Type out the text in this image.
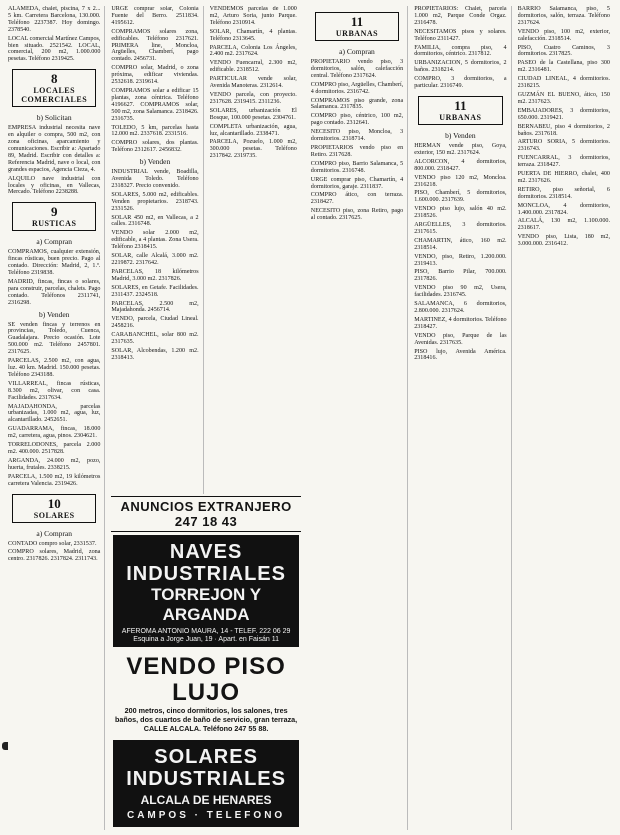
ALAMEDA, chalet, piscina, 7 x 2... 5 km. Carretera Barcelona, 130.000. Teléfono 2237387. Hoy domingo. 2378540.

LOCAL comercial Martínez Campos, bien situado. 2521542. LOCAL, comercial, 200 m2, 1.000.000 pesetas. Teléfono 2319425.

8
LOCALES COMERCIALES
b) Solicitan

EMPRESA industrial necesita nave en alquiler o compra, 500 m2, con zona oficinas, aparcamiento y comunicaciones. Escribir a: Apartado 89, Madrid. Escribir con detalles a: Referencia Madrid, nave o local, con grandes espacios, Agencia Cieza, 4.

ALQUILO nave industrial con locales y oficinas, en Vallecas, Mercado. Teléfono 2238288.

9
RUSTICAS
a) Compran

COMPRAMOS, cualquier extensión, fincas rústicas, buen precio. Pago al contado. Dirección: Madrid, 2, 1.º. Teléfono 2319838.

MADRID, fincas, fincas o solares, para construir, parcelas, chalets. Pago contado. Teléfonos 2311741, 2316298.

b) Venden

SE venden fincas y terrenos en provincias, Toledo, Cuenca, Guadalajara. Precio ocasión. Lote 500.000 m2. Teléfono 2457801. 2317625.

PARCELAS, 2.500 m2, con agua, luz. 40 km. Madrid. 150.000 pesetas. Teléfono 2343188.

VILLARREAL, fincas rústicas, 8.300 m2, olivar, con casa. Facilidades. 2317634.

MAJADAHONDA, parcelas urbanizadas, 1.000 m2, agua, luz, alcantarillado. 2452651.

GUADARRAMA, fincas, 18.000 m2, carretera, agua, pinos. 2304621.

TORRELODONES, parcela 2.000 m2. 400.000. 2517828.

ARGANDA, 24.000 m2, pozo, huerta, frutales. 2338215.

PARCELA, 1.500 m2, 19 kilómetros carretera Valencia. 2319426.

10
SOLARES
a) Compran

CONTADO compro solar, 2331537.

COMPRO solares, Madrid, zona centro. 2317826. 2317824. 2311743.

URGE comprar solar, Colonia Fuente del Berro. 2511834. 4195612.

COMPRAMOS solares zona, edificables. Teléfono 2317621. PRIMERA line, Moncloa, Argüelles, Chamberí, pago contado. 2456731.

COMPRO solar, Madrid, o zona próxima, edificar viviendas. 2532618. 2319614.

COMPRAMOS solar a edificar 15 plantas, zona céntrica. Teléfono 4196627. COMPRAMOS solar, 500 m2, zona Salamanca. 2318426. 2316735.

TOLEDO, 5 km, parcelas hasta 12.000 m2. 2337618. 2331516.

COMPRO solares, dos plantas. Teléfono 2312617. 2456832.

b) Venden

INDUSTRIAL vende, Boadilla, Avenida Toledo. Teléfono 2318327. Precio convenido.

SOLARES, 5.000 m2, edificables. Venden propietarios. 2318743. 2331526.

SOLAR 450 m2, en Vallecas, a 2 calles. 2316748.

VENDO solar 2.000 m2, edificable, a 4 plantas. Zona Usera. Teléfono 2318415.

SOLAR, calle Alcalá, 3.000 m2. 2219872. 2317642.

PARCELAS, 18 kilómetros Madrid, 3.000 m2. 2317826.

SOLARES, en Getafe. Facilidades. 2311437. 2324518.

PARCELAS, 2.500 m2, Majadahonda. 2456714.

VENDO, parcela, Ciudad Lineal. 2458216.

CARABANCHEL, solar 800 m2. 2317635.

SOLAR, Alcobendas, 1.200 m2. 2318413.

VENDEMOS parcelas de 1.000 m2, Arturo Soria, junto Parque. Teléfono 2310914.

SOLAR, Chamartín, 4 plantas. Teléfono 2313645.

PARCELA, Colonia Los Ángeles, 2.400 m2. 2317624.

VENDO Fuencarral, 2.300 m2, edificable. 2318512.

PARTICULAR vende solar, Avenida Manoteras. 2312614.

VENDO parcela, con proyecto. 2317628. 2319415. 2311236.

SOLARES, urbanización El Bosque, 100.000 pesetas. 2304761.

COMPLETA urbanización, agua, luz, alcantarillado. 2338471.

PARCELA, Pozuelo, 1.000 m2, 300.000 pesetas. Teléfono 2317842. 2319735.

ANUNCIOS EXTRANJERO 247 18 43
NAVES INDUSTRIALES
TORREJON Y ARGANDA
AFEROMA ANTONIO MAURA, 14 - TELEF. 222 06 29
Esquina a Jorge Juan, 19 · Apart. en Faisán 11
VENDO PISO LUJO
200 metros, cinco dormitorios, los salones, tres baños, dos cuartos de baño de servicio, gran terraza, CALLE ALCALA. Teléfono 247 55 88.
SOLARES INDUSTRIALES
ALCALA DE HENARES
CAMPOS · TELEFONO
11
URBANAS
a) Compran

PROPIETARIO vendo piso, 3 dormitorios, salón, calefacción central. Teléfono 2317624.

COMPRO piso, Argüelles, Chamberí, 4 dormitorios. 2316742.

COMPRAMOS piso grande, zona Salamanca. 2317835.

COMPRO piso, céntrico, 100 m2, pago contado. 2312641.

NECESITO piso, Moncloa, 3 dormitorios. 2318714.

PROPIETARIOS vendo piso en Retiro. 2317628.

COMPRO piso, Barrio Salamanca, 5 dormitorios. 2316748.

URGE comprar piso, Chamartín, 4 dormitorios, garaje. 2311837.

COMPRO ático, con terraza. 2318427.

NECESITO piso, zona Retiro, pago al contado. 2317625.

PROPIETARIOS: Chalet, parcela 1.000 m2, Parque Conde Orgaz. 2316478.

NECESITAMOS pisos y solares. Teléfono 2311427.

FAMILIA, compra piso, 4 dormitorios, céntrico. 2317812.

URBANIZACION, 5 dormitorios, 2 baños. 2318214.

COMPRO, 3 dormitorios, a particular. 2316749.

11
URBANAS
b) Venden

HERMAN vende piso, Goya, exterior, 150 m2. 2317624.

ALCORCON, 4 dormitorios, 800.000. 2318427.

VENDO piso 120 m2, Moncloa. 2316218.

PISO, Chamberí, 5 dormitorios, 1.600.000. 2317639.

VENDO piso lujo, salón 40 m2. 2318526.

ARGÜELLES, 3 dormitorios. 2317615.

CHAMARTIN, ático, 160 m2. 2318514.

VENDO, piso, Retiro, 1.200.000. 2319413.

PISO, Barrio Pilar, 700.000. 2317826.

VENDO piso 90 m2, Usera, facilidades. 2316745.

SALAMANCA, 6 dormitorios, 2.800.000. 2317624.

MARTINEZ, 4 dormitorios. Teléfono 2318427.

VENDO piso, Parque de las Avenidas. 2317635.

PISO lujo, Avenida América. 2318416.

BARRIO Salamanca, piso, 5 dormitorios, salón, terraza. Teléfono 2317624.

VENDO piso, 100 m2, exterior, calefacción. 2318514.

PISO, Cuatro Caminos, 3 dormitorios. 2317825.

PASEO de la Castellana, piso 300 m2. 2316481.

CIUDAD LINEAL, 4 dormitorios. 2318215.

GUZMÁN EL BUENO, ático, 150 m2. 2317623.

EMBAJADORES, 3 dormitorios, 650.000. 2319421.

BERNABEU, piso 4 dormitorios, 2 baños. 2317618.

ARTURO SORIA, 5 dormitorios. 2316743.

FUENCARRAL, 3 dormitorios, terraza. 2318427.

PUERTA DE HIERRO, chalet, 400 m2. 2317626.

RETIRO, piso señorial, 6 dormitorios. 2318514.

MONCLOA, 4 dormitorios, 1.400.000. 2317824.

ALCALÁ, 130 m2, 1.100.000. 2318617.

VENDO piso, Lista, 180 m2, 3.000.000. 2316412.
